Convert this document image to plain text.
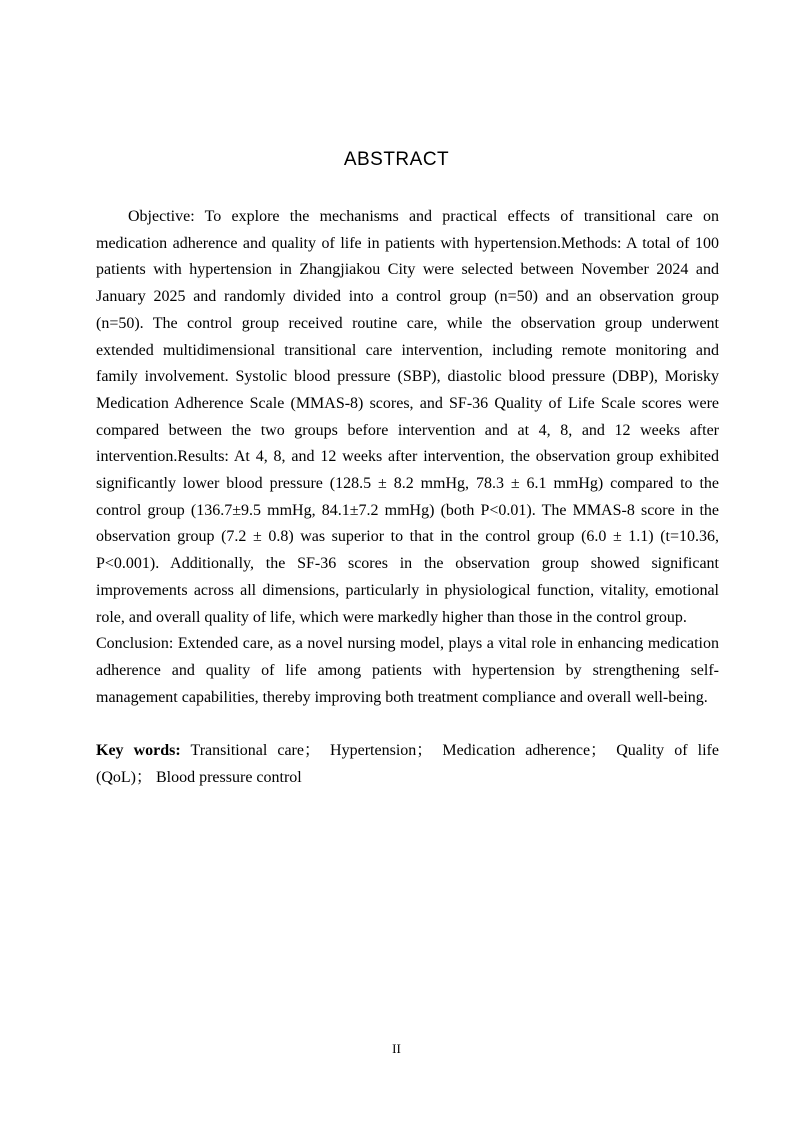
ABSTRACT

Objective: To explore the mechanisms and practical effects of transitional care on medication adherence and quality of life in patients with hypertension.Methods: A total of 100 patients with hypertension in Zhangjiakou City were selected between November 2024 and January 2025 and randomly divided into a control group (n=50) and an observation group (n=50). The control group received routine care, while the observation group underwent extended multidimensional transitional care intervention, including remote monitoring and family involvement. Systolic blood pressure (SBP), diastolic blood pressure (DBP), Morisky Medication Adherence Scale (MMAS-8) scores, and SF-36 Quality of Life Scale scores were compared between the two groups before intervention and at 4, 8, and 12 weeks after intervention.Results: At 4, 8, and 12 weeks after intervention, the observation group exhibited significantly lower blood pressure (128.5 ± 8.2 mmHg, 78.3 ± 6.1 mmHg) compared to the control group (136.7±9.5 mmHg, 84.1±7.2 mmHg) (both P<0.01). The MMAS-8 score in the observation group (7.2 ± 0.8) was superior to that in the control group (6.0 ± 1.1) (t=10.36, P<0.001). Additionally, the SF-36 scores in the observation group showed significant improvements across all dimensions, particularly in physiological function, vitality, emotional role, and overall quality of life, which were markedly higher than those in the control group.

Conclusion: Extended care, as a novel nursing model, plays a vital role in enhancing medication adherence and quality of life among patients with hypertension by strengthening self-management capabilities, thereby improving both treatment compliance and overall well-being.

Key words: Transitional care； Hypertension； Medication adherence； Quality of life (QoL)； Blood pressure control

II
